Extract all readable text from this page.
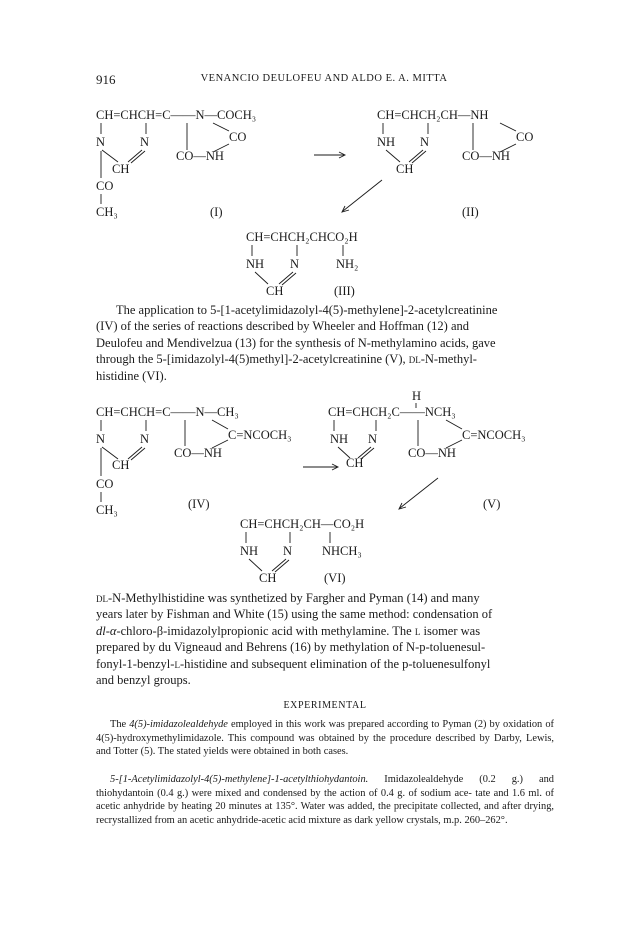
916	VENANCIO DEULOFEU AND ALDO E. A. MITTA
CH=CHCH=C——N—COCH₃
CO
N	N
CH
CO—NH
CO
CH₃	(I)
CH=CHCH₂CH—NH
CO
NH N
CH
CO—NH
(II)
CH=CHCH₂CHCO₂H
NH N	NH₂
CH	(III)
The application to 5-[1-acetylimidazolyl-4(5)-methylene]-2-acetylcreatinine
(IV) of the series of reactions described by Wheeler and Hoffman (12) and
Deulofeu and Mendivelzua (13) for the synthesis of N-methylamino acids, gave
through the 5-[imidazolyl-4(5)methyl]-2-acetylcreatinine (V), dl-N-methyl-
histidine (VI).
CH=CHCH=C——N—CH₃
C=NCOCH₃
N	N
CH
CO—NH
CO
CH₃	(IV)
H
CH=CHCH₂C——NCH₃
C=NCOCH₃
NH N
CH
CO—NH
(V)
CH=CHCH₂CH—CO₂H
NH N NHCH₃
CH	(VI)
dl-N-Methylhistidine was synthetized by Fargher and Pyman (14) and many
years later by Fishman and White (15) using the same method: condensation of
dl-α-chloro-β-imidazolylpropionic acid with methylamine. The l isomer was
prepared by du Vigneaud and Behrens (16) by methylation of N-p-toluenesul-
fonyl-1-benzyl-l-histidine and subsequent elimination of the p-toluenesulfonyl
and benzyl groups.
EXPERIMENTAL
The 4(5)-imidazolealdehyde employed in this work was prepared according to Pyman (2) by oxidation of 4(5)-hydroxymethylimidazole. This compound was obtained by the procedure described by Darby, Lewis, and Totter (5). The stated yields were obtained in both cases.
5-[1-Acetylimidazolyl-4(5)-methylene]-1-acetylthiohydantoin. Imidazolealdehyde (0.2 g.) and thiohydantoin (0.4 g.) were mixed and condensed by the action of 0.4 g. of sodium ace- tate and 1.6 ml. of acetic anhydride by heating 20 minutes at 135°. Water was added, the precipitate collected, and after drying, recrystallized from an acetic anhydride-acetic acid mixture as dark yellow crystals, m.p. 260–262°.
